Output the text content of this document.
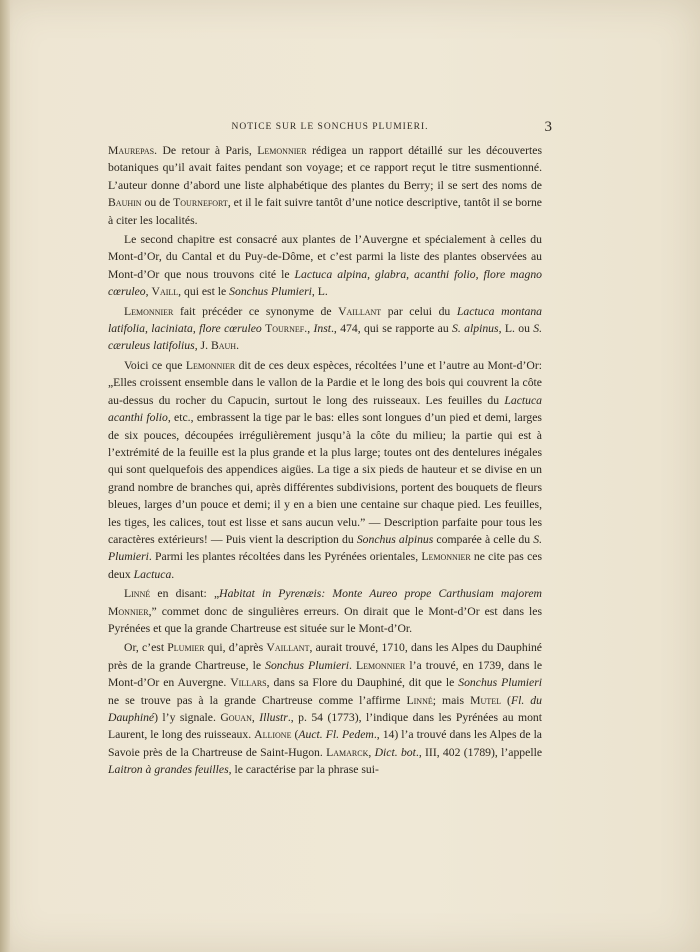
NOTICE SUR LE SONCHUS PLUMIERI.	3

Maurepas. De retour à Paris, Lemonnier rédigea un rapport détaillé sur les découvertes botaniques qu’il avait faites pendant son voyage; et ce rapport reçut le titre susmentionné. L’auteur donne d’abord une liste alphabétique des plantes du Berry; il se sert des noms de Bauhin ou de Tournefort, et il le fait suivre tantôt d’une notice descriptive, tantôt il se borne à citer les localités.

Le second chapitre est consacré aux plantes de l’Auvergne et spécialement à celles du Mont-d’Or, du Cantal et du Puy-de-Dôme, et c’est parmi la liste des plantes observées au Mont-d’Or que nous trouvons cité le Lactuca alpina, glabra, acanthi folio, flore magno cœruleo, Vaill, qui est le Sonchus Plumieri, L.

Lemonnier fait précéder ce synonyme de Vaillant par celui du Lactuca montana latifolia, laciniata, flore cœruleo Tournef., Inst., 474, qui se rapporte au S. alpinus, L. ou S. cæruleus latifolius, J. Bauh.

Voici ce que Lemonnier dit de ces deux espèces, récoltées l’une et l’autre au Mont-d’Or: „Elles croissent ensemble dans le vallon de la Pardie et le long des bois qui couvrent la côte au-dessus du rocher du Capucin, surtout le long des ruisseaux. Les feuilles du Lactuca acanthi folio, etc., embrassent la tige par le bas: elles sont longues d’un pied et demi, larges de six pouces, découpées irrégulièrement jusqu’à la côte du milieu; la partie qui est à l’extrémité de la feuille est la plus grande et la plus large; toutes ont des dentelures inégales qui sont quelquefois des appendices aigües. La tige a six pieds de hauteur et se divise en un grand nombre de branches qui, après différentes subdivisions, portent des bouquets de fleurs bleues, larges d’un pouce et demi; il y en a bien une centaine sur chaque pied. Les feuilles, les tiges, les calices, tout est lisse et sans aucun velu.” — Description parfaite pour tous les caractères extérieurs! — Puis vient la description du Sonchus alpinus comparée à celle du S. Plumieri. Parmi les plantes récoltées dans les Pyrénées orientales, Lemonnier ne cite pas ces deux Lactuca.

Linné en disant: „Habitat in Pyrenæis: Monte Aureo prope Carthusiam majorem Monnier,” commet donc de singulières erreurs. On dirait que le Mont-d’Or est dans les Pyrénées et que la grande Chartreuse est située sur le Mont-d’Or.

Or, c’est Plumier qui, d’après Vaillant, aurait trouvé, 1710, dans les Alpes du Dauphiné près de la grande Chartreuse, le Sonchus Plumieri. Lemonnier l’a trouvé, en 1739, dans le Mont-d’Or en Auvergne. Villars, dans sa Flore du Dauphiné, dit que le Sonchus Plumieri ne se trouve pas à la grande Chartreuse comme l’affirme Linné; mais Mutel (Fl. du Dauphiné) l’y signale. Gouan, Illustr., p. 54 (1773), l’indique dans les Pyrénées au mont Laurent, le long des ruisseaux. Allione (Auct. Fl. Pedem., 14) l’a trouvé dans les Alpes de la Savoie près de la Chartreuse de Saint-Hugon. Lamarck, Dict. bot., III, 402 (1789), l’appelle Laitron à grandes feuilles, le caractérise par la phrase sui-
